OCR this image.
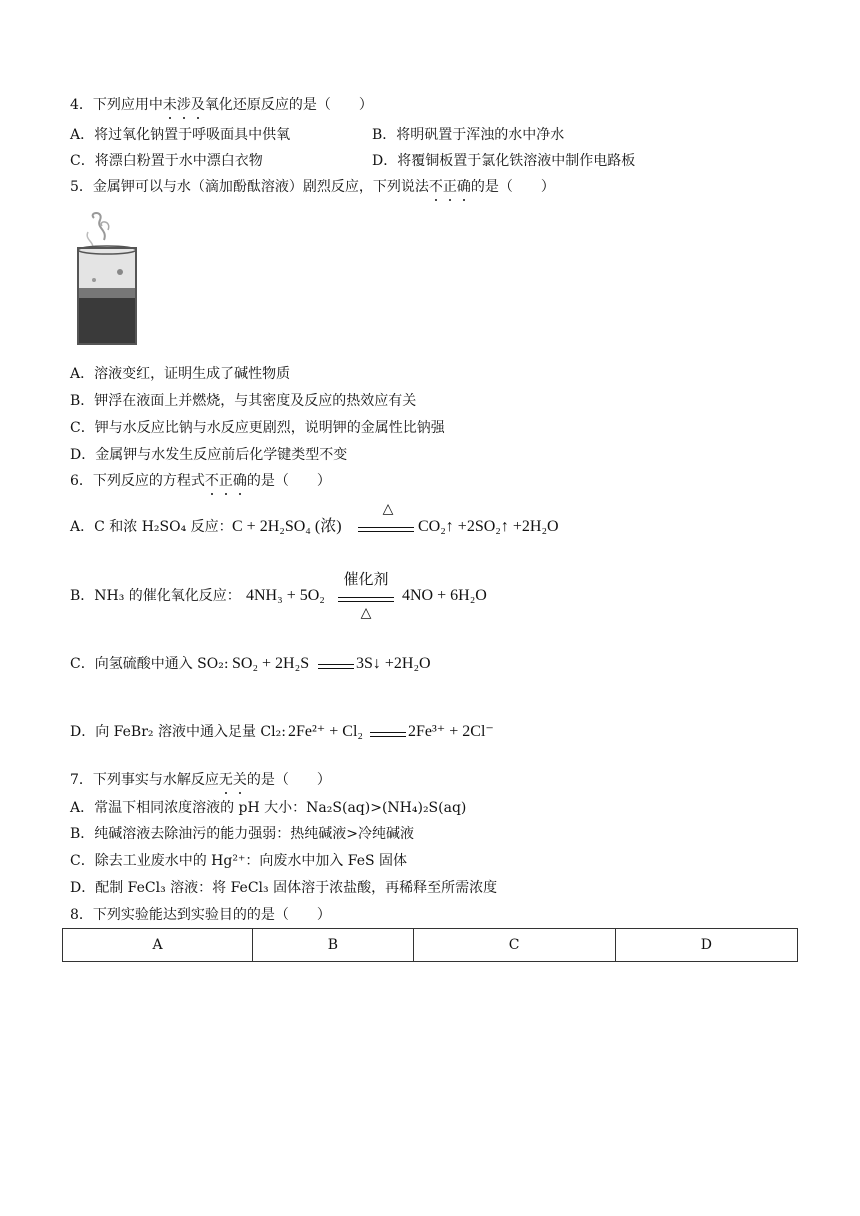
4．下列应用中未涉及氧化还原反应的是（　　）
A．将过氧化钠置于呼吸面具中供氧	B．将明矾置于浑浊的水中净水
C．将漂白粉置于水中漂白衣物	D．将覆铜板置于氯化铁溶液中制作电路板
5．金属钾可以与水（滴加酚酞溶液）剧烈反应，下列说法不正确的是（　　）
A．溶液变红，证明生成了碱性物质
B．钾浮在液面上并燃烧，与其密度及反应的热效应有关
C．钾与水反应比钠与水反应更剧烈，说明钾的金属性比钠强
D．金属钾与水发生反应前后化学键类型不变
6．下列反应的方程式不正确的是（　　）
A．C 和浓 H₂SO₄ 反应： C + 2H₂SO₄ (浓)
△
CO₂↑ +2SO₂↑ +2H₂O
B．NH₃ 的催化氧化反应： 4NH₃ + 5O₂
催化剂
△
4NO + 6H₂O
C．向氢硫酸中通入 SO₂: SO₂ + 2H₂S	3S↓ +2H₂O
D．向 FeBr₂ 溶液中通入足量 Cl₂: 2Fe²⁺ + Cl₂	2Fe³⁺ + 2Cl⁻
7．下列事实与水解反应无关的是（　　）
A．常温下相同浓度溶液的 pH 大小：Na₂S(aq)>(NH₄)₂S(aq)
B．纯碱溶液去除油污的能力强弱：热纯碱液>冷纯碱液
C．除去工业废水中的 Hg²⁺：向废水中加入 FeS 固体
D．配制 FeCl₃ 溶液：将 FeCl₃ 固体溶于浓盐酸，再稀释至所需浓度
8．下列实验能达到实验目的的是（　　）
A	B	C	D
